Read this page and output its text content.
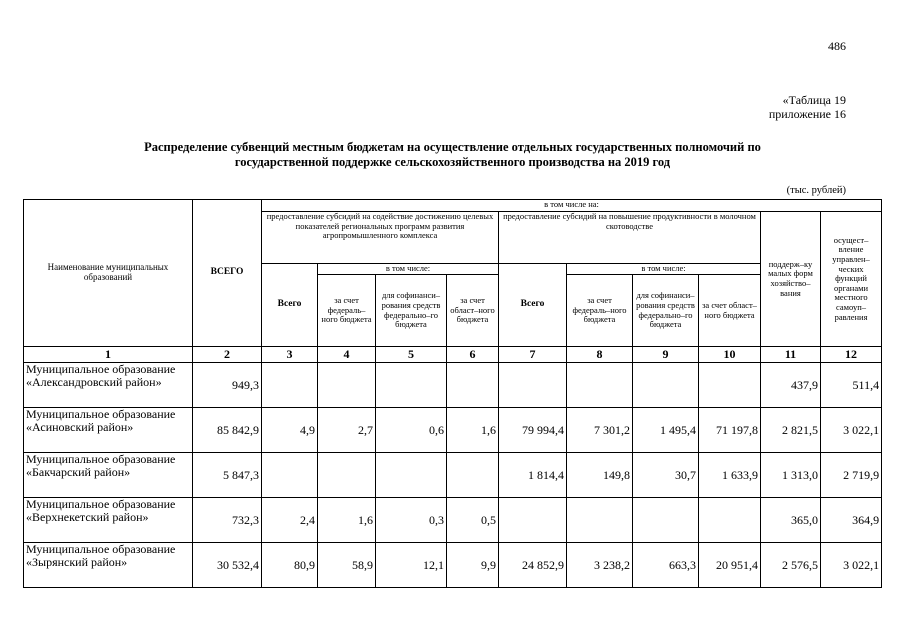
486
«Таблица 19
приложение 16
Распределение субвенций местным бюджетам на осуществление отдельных государственных полномочий по
государственной поддержке сельскохозяйственного производства на 2019 год
(тыс. рублей)
Наименование муниципальных образований	ВСЕГО	в том числе на:									
		предоставление субсидий на содействие достижению целевых показателей региональных программ развития агропромышленного комплекса				предоставление субсидий на повышение продуктивности в молочном скотоводстве				поддерж–ку малых форм хозяйство–вания	осущест–вление управлен–ческих функций органами местного самоуп–равления
		Всего	в том числе:			Всего	в том числе:				
			за счет федераль–ного бюджета	для софинанси–рования средств федерально–го бюджета	за счет област–ного бюджета		за счет федераль–ного бюджета	для софинанси–рования средств федерально–го бюджета	за счет област–ного бюджета		
1	2	3	4	5	6	7	8	9	10	11	12
Муниципальное образование «Александровский район»	949,3									437,9	511,4
Муниципальное образование «Асиновский район»	85 842,9	4,9	2,7	0,6	1,6	79 994,4	7 301,2	1 495,4	71 197,8	2 821,5	3 022,1
Муниципальное образование «Бакчарский район»	5 847,3					1 814,4	149,8	30,7	1 633,9	1 313,0	2 719,9
Муниципальное образование «Верхнекетский район»	732,3	2,4	1,6	0,3	0,5					365,0	364,9
Муниципальное образование «Зырянский район»	30 532,4	80,9	58,9	12,1	9,9	24 852,9	3 238,2	663,3	20 951,4	2 576,5	3 022,1
